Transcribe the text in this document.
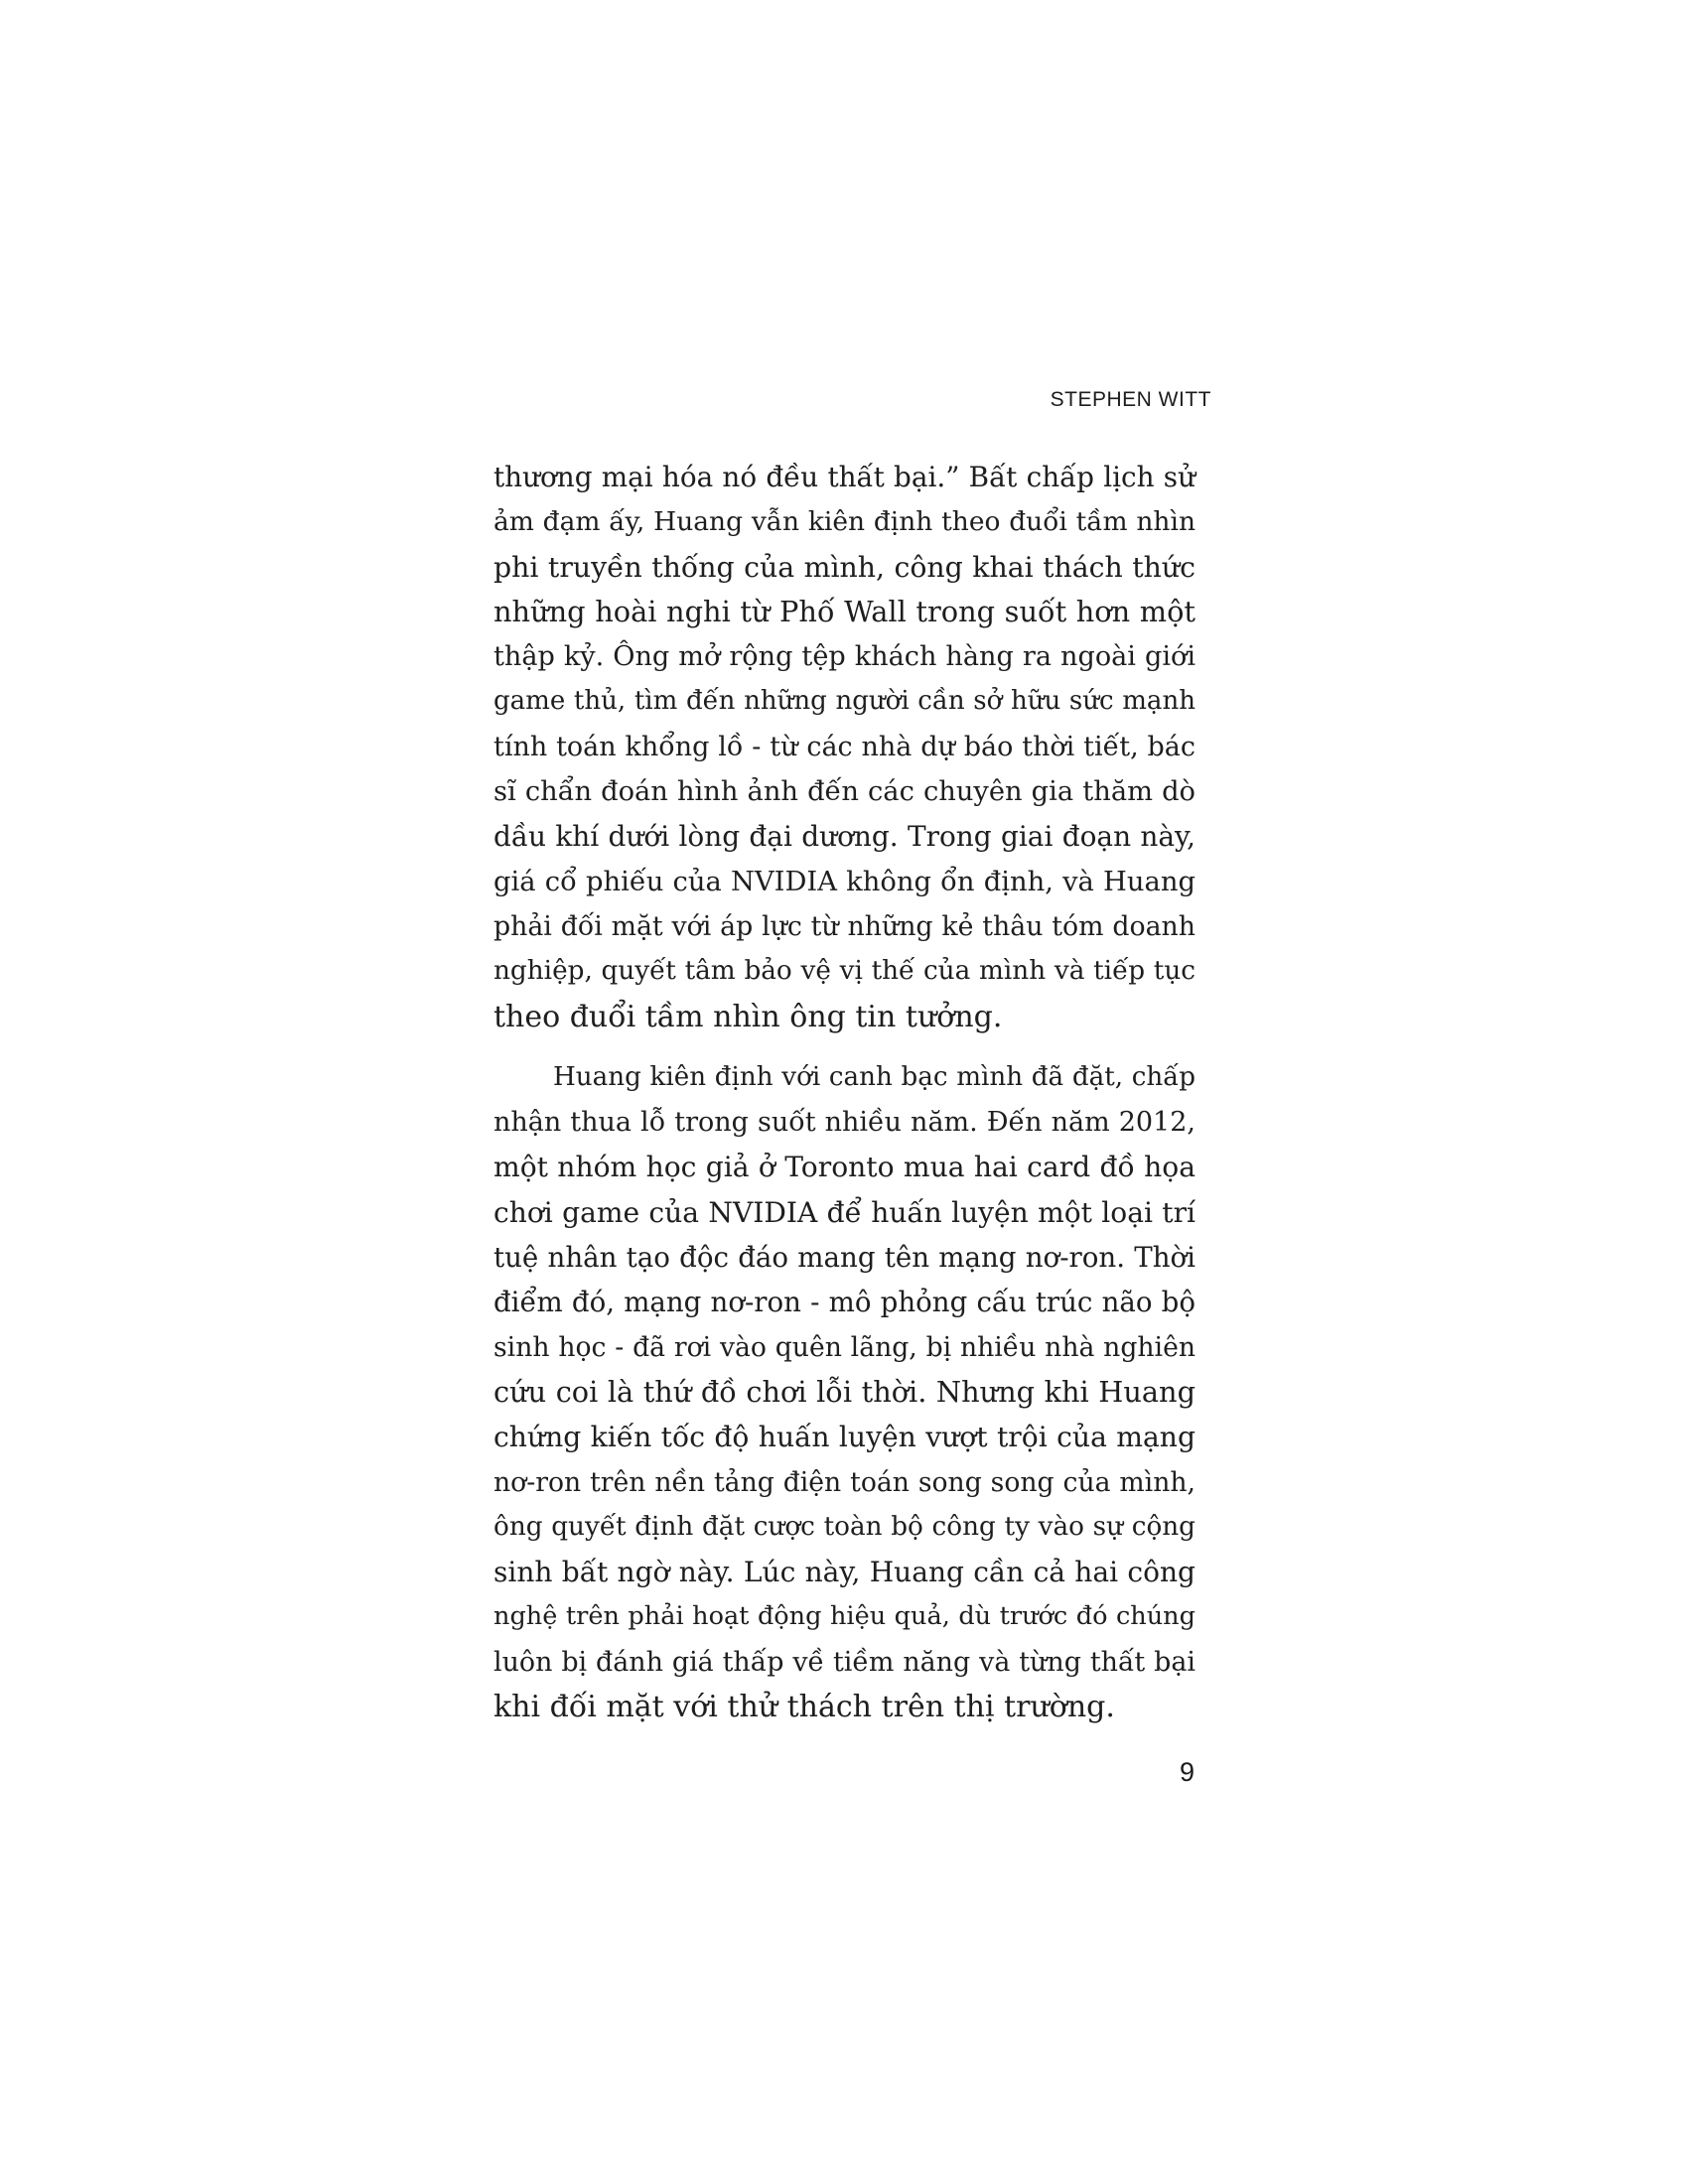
STEPHEN WITT
thương mại hóa nó đều thất bại.” Bất chấp lịch sử
ảm đạm ấy, Huang vẫn kiên định theo đuổi tầm nhìn
phi truyền thống của mình, công khai thách thức
những hoài nghi từ Phố Wall trong suốt hơn một
thập kỷ. Ông mở rộng tệp khách hàng ra ngoài giới
game thủ, tìm đến những người cần sở hữu sức mạnh
tính toán khổng lồ - từ các nhà dự báo thời tiết, bác
sĩ chẩn đoán hình ảnh đến các chuyên gia thăm dò
dầu khí dưới lòng đại dương. Trong giai đoạn này,
giá cổ phiếu của NVIDIA không ổn định, và Huang
phải đối mặt với áp lực từ những kẻ thâu tóm doanh
nghiệp, quyết tâm bảo vệ vị thế của mình và tiếp tục
theo đuổi tầm nhìn ông tin tưởng.
Huang kiên định với canh bạc mình đã đặt, chấp
nhận thua lỗ trong suốt nhiều năm. Đến năm 2012,
một nhóm học giả ở Toronto mua hai card đồ họa
chơi game của NVIDIA để huấn luyện một loại trí
tuệ nhân tạo độc đáo mang tên mạng nơ-ron. Thời
điểm đó, mạng nơ-ron - mô phỏng cấu trúc não bộ
sinh học - đã rơi vào quên lãng, bị nhiều nhà nghiên
cứu coi là thứ đồ chơi lỗi thời. Nhưng khi Huang
chứng kiến tốc độ huấn luyện vượt trội của mạng
nơ-ron trên nền tảng điện toán song song của mình,
ông quyết định đặt cược toàn bộ công ty vào sự cộng
sinh bất ngờ này. Lúc này, Huang cần cả hai công
nghệ trên phải hoạt động hiệu quả, dù trước đó chúng
luôn bị đánh giá thấp về tiềm năng và từng thất bại
khi đối mặt với thử thách trên thị trường.
9
